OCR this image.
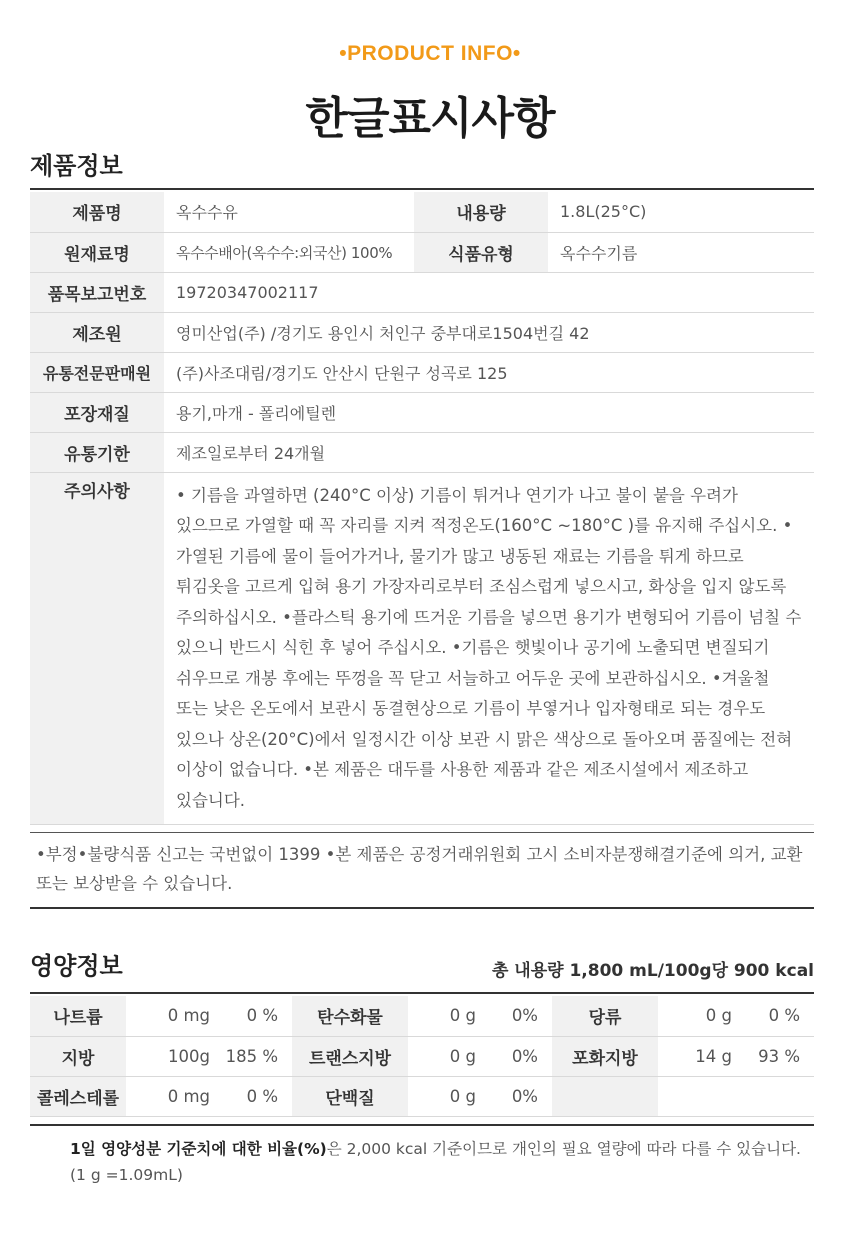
•PRODUCT INFO•
한글표시사항
제품정보
제품명	옥수수유	내용량	1.8L(25°C)
원재료명	옥수수배아(옥수수:외국산) 100%	식품유형	옥수수기름
품목보고번호	19720347002117		
제조원	영미산업(주) /경기도 용인시 처인구 중부대로1504번길 42		
유통전문판매원	(주)사조대림/경기도 안산시 단원구 성곡로 125		
포장재질	용기,마개 - 폴리에틸렌		
유통기한	제조일로부터 24개월		
주의사항	• 기름을 과열하면 (240°C 이상) 기름이 튀거나 연기가 나고 불이 붙을 우려가 있으므로 가열할 때 꼭 자리를 지켜 적정온도(160°C ~180°C )를 유지해 주십시오. •가열된 기름에 물이 들어가거나, 물기가 많고 냉동된 재료는 기름을 튀게 하므로 튀김옷을 고르게 입혀 용기 가장자리로부터 조심스럽게 넣으시고, 화상을 입지 않도록 주의하십시오. •플라스틱 용기에 뜨거운 기름을 넣으면 용기가 변형되어 기름이 넘칠 수 있으니 반드시 식힌 후 넣어 주십시오. •기름은 햇빛이나 공기에 노출되면 변질되기 쉬우므로 개봉 후에는 뚜껑을 꼭 닫고 서늘하고 어두운 곳에 보관하십시오. •겨울철 또는 낮은 온도에서 보관시 동결현상으로 기름이 부옇거나 입자형태로 되는 경우도 있으나 상온(20°C)에서 일정시간 이상 보관 시 맑은 색상으로 돌아오며 품질에는 전혀 이상이 없습니다. •본 제품은 대두를 사용한 제품과 같은 제조시설에서 제조하고 있습니다.		
•부정•불량식품 신고는 국번없이 1399 •본 제품은 공정거래위원회 고시 소비자분쟁해결기준에 의거, 교환 또는 보상받을 수 있습니다.
영양정보	총 내용량 1,800 mL/100g당 900 kcal
나트륨	0 mg	0 %	탄수화물	0 g	0%	당류	0 g	0 %
지방	100g	185 %	트랜스지방	0 g	0%	포화지방	14 g	93 %
콜레스테롤	0 mg	0 %	단백질	0 g	0%			
1일 영양성분 기준치에 대한 비율(%)은 2,000 kcal 기준이므로 개인의 필요 열량에 따라 다를 수 있습니다.
(1 g =1.09mL)
